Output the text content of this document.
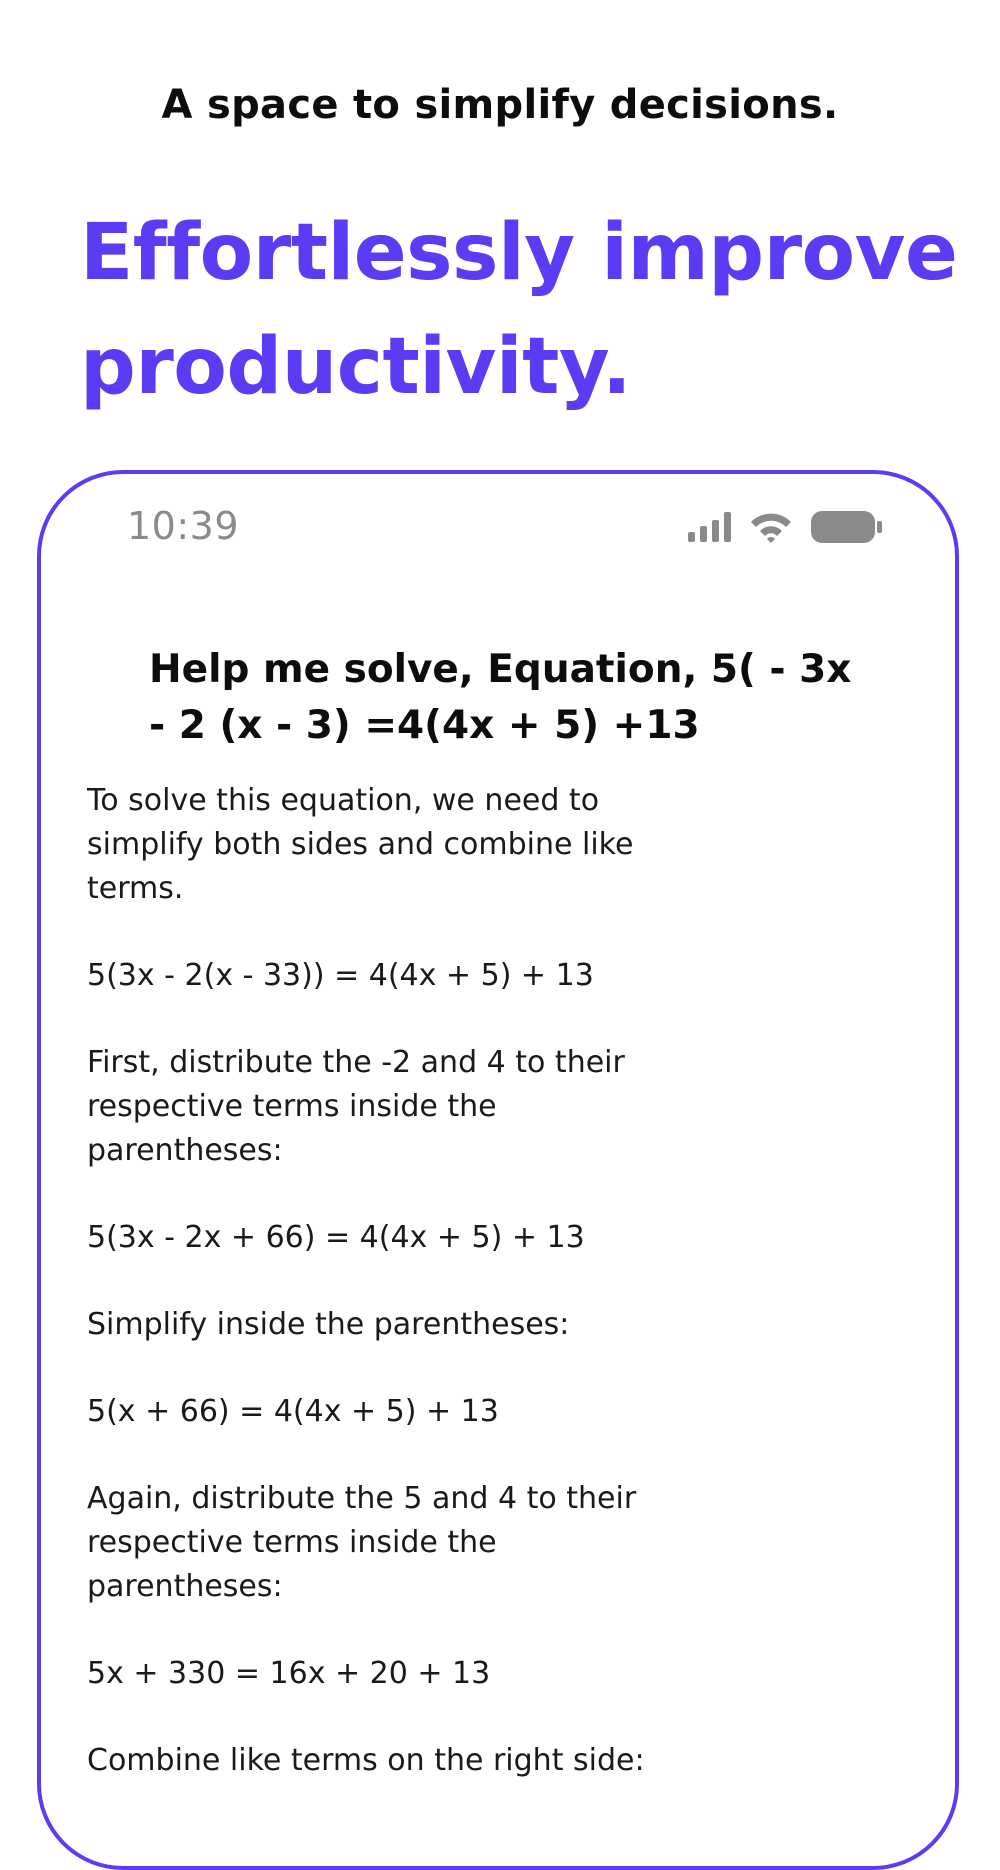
A space to simplify decisions.
Effortlessly improve
productivity.
10:39
Help me solve, Equation, 5( - 3x - 2 (x - 3) =4(4x + 5) +13

To solve this equation, we need to simplify both sides and combine like terms.

5(3x - 2(x - 33)) = 4(4x + 5) + 13

First, distribute the -2 and 4 to their respective terms inside the parentheses:

5(3x - 2x + 66) = 4(4x + 5) + 13

Simplify inside the parentheses:

5(x + 66) = 4(4x + 5) + 13

Again, distribute the 5 and 4 to their respective terms inside the parentheses:

5x + 330 = 16x + 20 + 13

Combine like terms on the right side:
